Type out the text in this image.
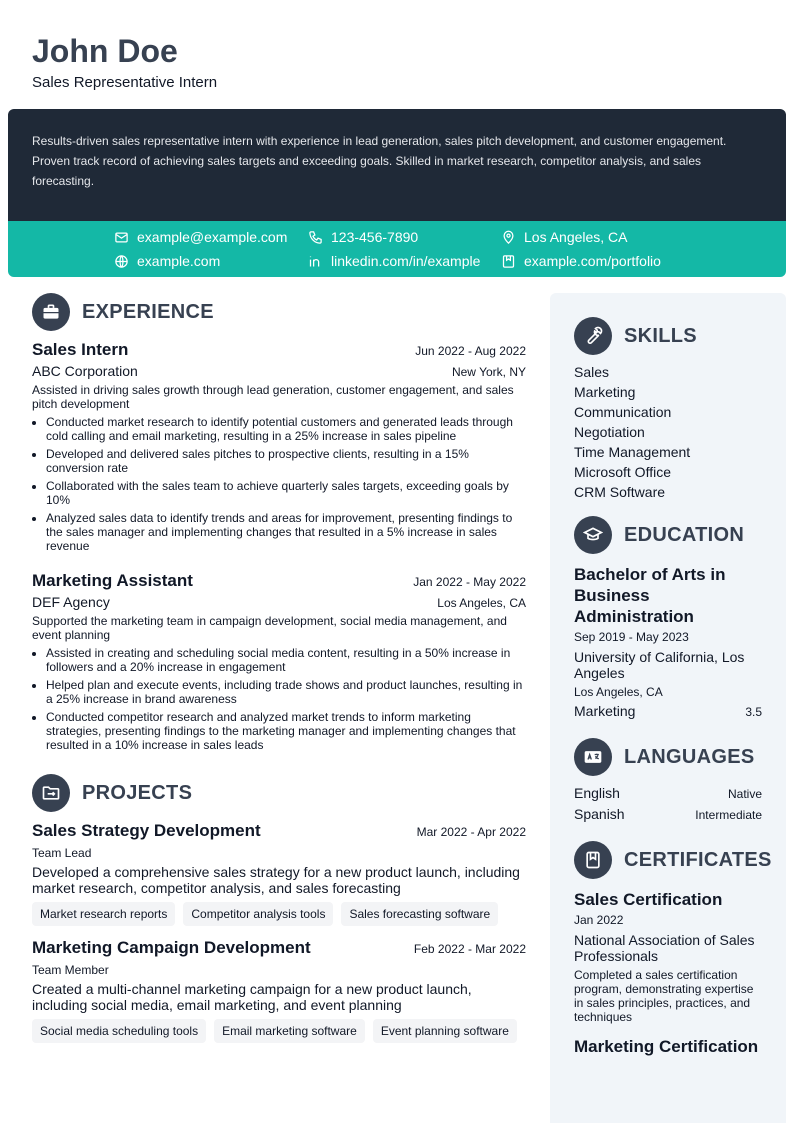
John Doe
Sales Representative Intern
Results-driven sales representative intern with experience in lead generation, sales pitch development, and customer engagement. Proven track record of achieving sales targets and exceeding goals. Skilled in market research, competitor analysis, and sales forecasting.
example@example.com	123-456-7890	Los Angeles, CA
example.com	linkedin.com/in/example	example.com/portfolio
EXPERIENCE
Sales Intern	Jun 2022 - Aug 2022
ABC Corporation	New York, NY
Assisted in driving sales growth through lead generation, customer engagement, and sales pitch development
• Conducted market research to identify potential customers and generated leads through cold calling and email marketing, resulting in a 25% increase in sales pipeline
• Developed and delivered sales pitches to prospective clients, resulting in a 15% conversion rate
• Collaborated with the sales team to achieve quarterly sales targets, exceeding goals by 10%
• Analyzed sales data to identify trends and areas for improvement, presenting findings to the sales manager and implementing changes that resulted in a 5% increase in sales revenue
Marketing Assistant	Jan 2022 - May 2022
DEF Agency	Los Angeles, CA
Supported the marketing team in campaign development, social media management, and event planning
• Assisted in creating and scheduling social media content, resulting in a 50% increase in followers and a 20% increase in engagement
• Helped plan and execute events, including trade shows and product launches, resulting in a 25% increase in brand awareness
• Conducted competitor research and analyzed market trends to inform marketing strategies, presenting findings to the marketing manager and implementing changes that resulted in a 10% increase in sales leads
PROJECTS
Sales Strategy Development	Mar 2022 - Apr 2022
Team Lead
Developed a comprehensive sales strategy for a new product launch, including market research, competitor analysis, and sales forecasting
Market research reports	Competitor analysis tools	Sales forecasting software
Marketing Campaign Development	Feb 2022 - Mar 2022
Team Member
Created a multi-channel marketing campaign for a new product launch, including social media, email marketing, and event planning
Social media scheduling tools	Email marketing software	Event planning software
SKILLS
Sales
Marketing
Communication
Negotiation
Time Management
Microsoft Office
CRM Software
EDUCATION
Bachelor of Arts in Business Administration
Sep 2019 - May 2023
University of California, Los Angeles
Los Angeles, CA
Marketing	3.5
LANGUAGES
English	Native
Spanish	Intermediate
CERTIFICATES
Sales Certification
Jan 2022
National Association of Sales Professionals
Completed a sales certification program, demonstrating expertise in sales principles, practices, and techniques
Marketing Certification
